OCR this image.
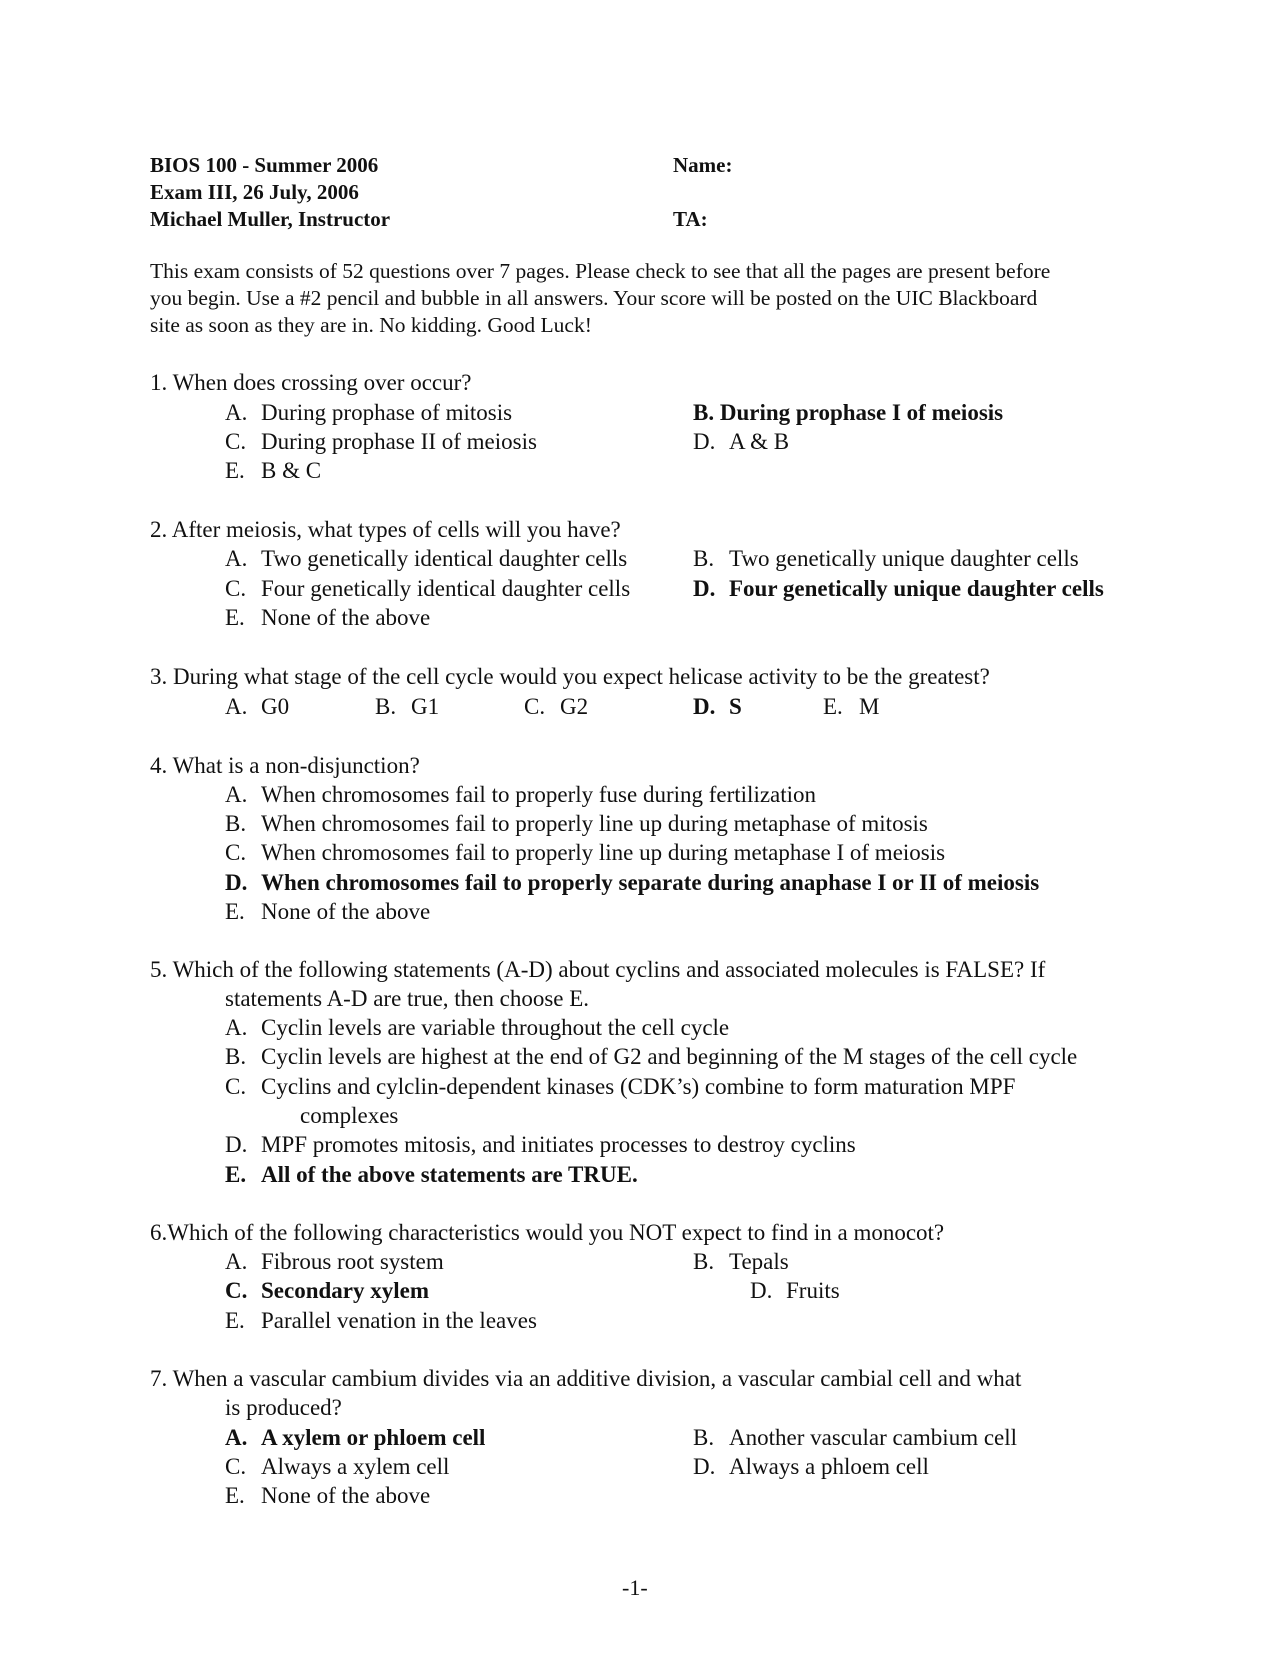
BIOS 100 - Summer 2006
Exam III, 26 July, 2006
Michael Muller, Instructor
Name:
TA:
This exam consists of 52 questions over 7 pages. Please check to see that all the pages are present before
you begin. Use a #2 pencil and bubble in all answers. Your score will be posted on the UIC Blackboard
site as soon as they are in. No kidding. Good Luck!
1. When does crossing over occur?
A. During prophase of mitosis	B. During prophase I of meiosis
C. During prophase II of meiosis	D. A & B
E. B & C
2. After meiosis, what types of cells will you have?
A. Two genetically identical daughter cells	B. Two genetically unique daughter cells
C. Four genetically identical daughter cells	D. Four genetically unique daughter cells
E. None of the above
3. During what stage of the cell cycle would you expect helicase activity to be the greatest?
A. G0	B. G1	C. G2	D. S	E. M
4. What is a non-disjunction?
A. When chromosomes fail to properly fuse during fertilization
B. When chromosomes fail to properly line up during metaphase of mitosis
C. When chromosomes fail to properly line up during metaphase I of meiosis
D. When chromosomes fail to properly separate during anaphase I or II of meiosis
E. None of the above
5. Which of the following statements (A-D) about cyclins and associated molecules is FALSE? If
statements A-D are true, then choose E.
A. Cyclin levels are variable throughout the cell cycle
B. Cyclin levels are highest at the end of G2 and beginning of the M stages of the cell cycle
C. Cyclins and cylclin-dependent kinases (CDK’s) combine to form maturation MPF
complexes
D. MPF promotes mitosis, and initiates processes to destroy cyclins
E. All of the above statements are TRUE.
6.Which of the following characteristics would you NOT expect to find in a monocot?
A. Fibrous root system	B. Tepals
C. Secondary xylem	D. Fruits
E. Parallel venation in the leaves
7. When a vascular cambium divides via an additive division, a vascular cambial cell and what
is produced?
A. A xylem or phloem cell	B. Another vascular cambium cell
C. Always a xylem cell	D. Always a phloem cell
E. None of the above
-1-
